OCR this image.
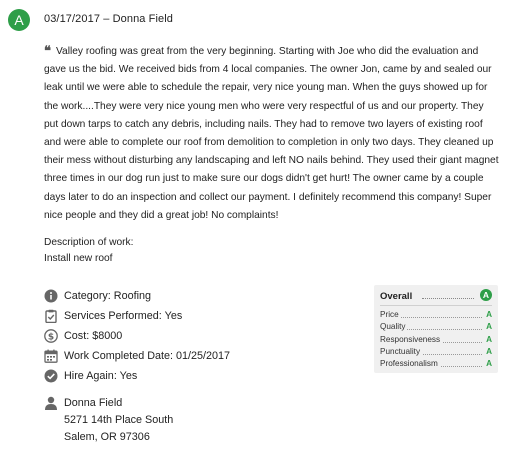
A	03/17/2017 – Donna Field
❝ Valley roofing was great from the very beginning. Starting with Joe who did the evaluation and gave us the bid. We received bids from 4 local companies. The owner Jon, came by and sealed our leak until we were able to schedule the repair, very nice young man. When the guys showed up for the work....They were very nice young men who were very respectful of us and our property. They put down tarps to catch any debris, including nails. They had to remove two layers of existing roof and were able to complete our roof from demolition to completion in only two days. They cleaned up their mess without disturbing any landscaping and left NO nails behind. They used their giant magnet three times in our dog run just to make sure our dogs didn't get hurt! The owner came by a couple days later to do an inspection and collect our payment. I definitely recommend this company! Super nice people and they did a great job! No complaints!
Description of work:
Install new roof
Category: Roofing
Services Performed: Yes
$ Cost: $8000
Work Completed Date: 01/25/2017
Hire Again: Yes
Donna Field
5271 14th Place South
Salem, OR 97306
Overall	A
Price	A
Quality	A
Responsiveness	A
Punctuality	A
Professionalism	A
